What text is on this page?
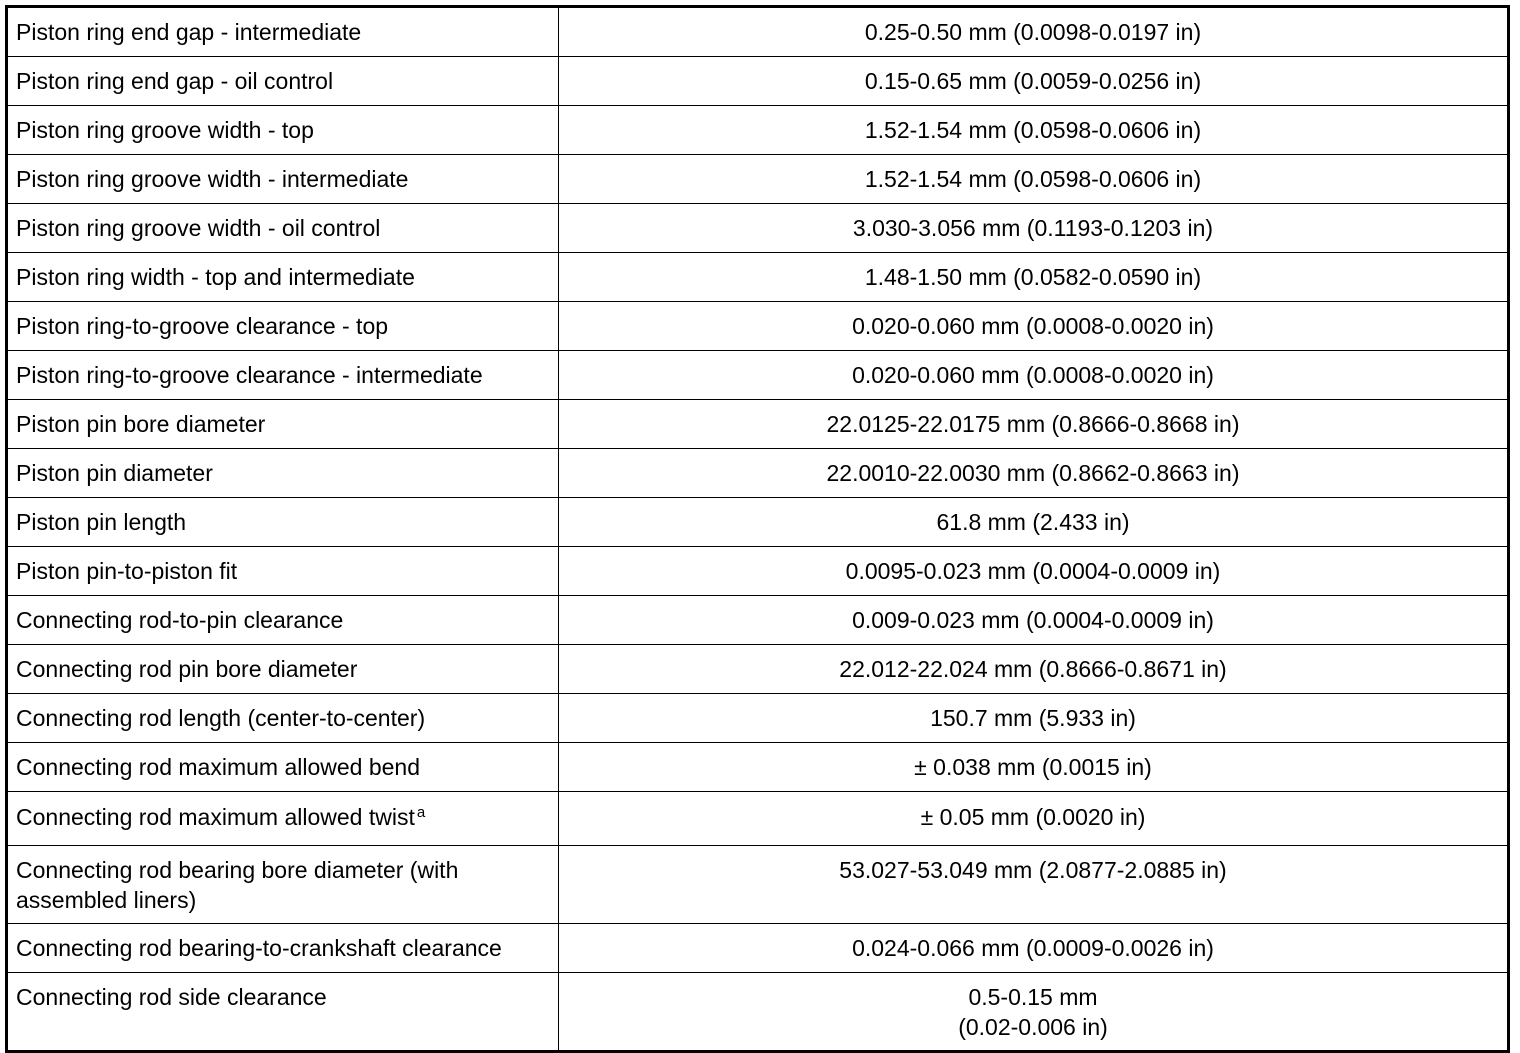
Piston ring end gap - intermediate	0.25-0.50 mm (0.0098-0.0197 in)
Piston ring end gap - oil control	0.15-0.65 mm (0.0059-0.0256 in)
Piston ring groove width - top	1.52-1.54 mm (0.0598-0.0606 in)
Piston ring groove width - intermediate	1.52-1.54 mm (0.0598-0.0606 in)
Piston ring groove width - oil control	3.030-3.056 mm (0.1193-0.1203 in)
Piston ring width - top and intermediate	1.48-1.50 mm (0.0582-0.0590 in)
Piston ring-to-groove clearance - top	0.020-0.060 mm (0.0008-0.0020 in)
Piston ring-to-groove clearance - intermediate	0.020-0.060 mm (0.0008-0.0020 in)
Piston pin bore diameter	22.0125-22.0175 mm (0.8666-0.8668 in)
Piston pin diameter	22.0010-22.0030 mm (0.8662-0.8663 in)
Piston pin length	61.8 mm (2.433 in)
Piston pin-to-piston fit	0.0095-0.023 mm (0.0004-0.0009 in)
Connecting rod-to-pin clearance	0.009-0.023 mm (0.0004-0.0009 in)
Connecting rod pin bore diameter	22.012-22.024 mm (0.8666-0.8671 in)
Connecting rod length (center-to-center)	150.7 mm (5.933 in)
Connecting rod maximum allowed bend	± 0.038 mm (0.0015 in)
Connecting rod maximum allowed twist $^a$	± 0.05 mm (0.0020 in)
Connecting rod bearing bore diameter (with assembled liners)	53.027-53.049 mm (2.0877-2.0885 in)
Connecting rod bearing-to-crankshaft clearance	0.024-0.066 mm (0.0009-0.0026 in)
Connecting rod side clearance	0.5-0.15 mm
(0.02-0.006 in)
